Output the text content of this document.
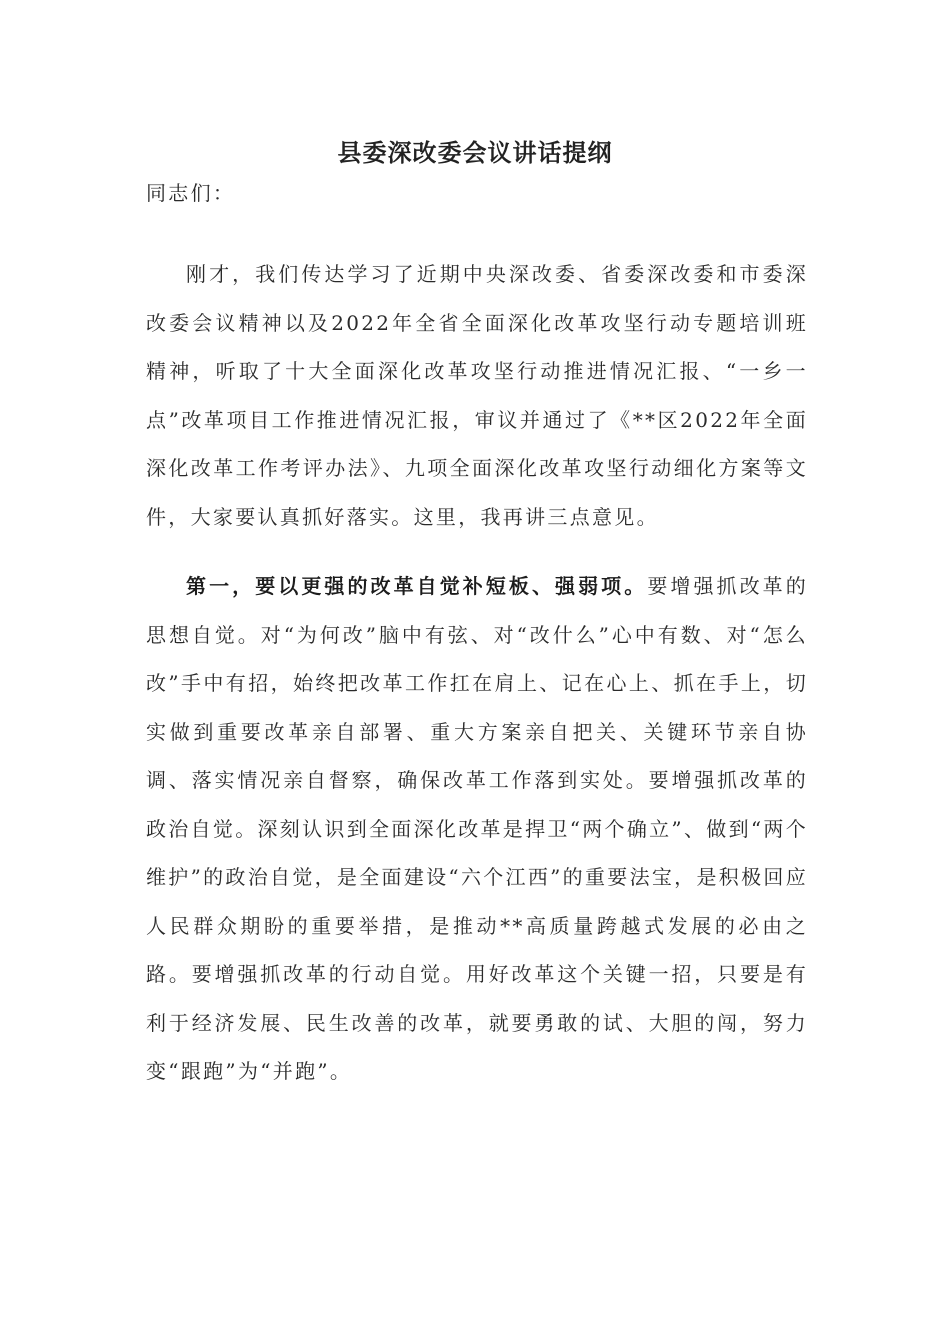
县委深改委会议讲话提纲

同志们：

刚才，我们传达学习了近期中央深改委、省委深改委和市委深改委会议精神以及2022年全省全面深化改革攻坚行动专题培训班精神，听取了十大全面深化改革攻坚行动推进情况汇报、“一乡一点”改革项目工作推进情况汇报，审议并通过了《**区2022年全面深化改革工作考评办法》、九项全面深化改革攻坚行动细化方案等文件，大家要认真抓好落实。这里，我再讲三点意见。

第一，要以更强的改革自觉补短板、强弱项。要增强抓改革的思想自觉。对“为何改”脑中有弦、对“改什么”心中有数、对“怎么改”手中有招，始终把改革工作扛在肩上、记在心上、抓在手上，切实做到重要改革亲自部署、重大方案亲自把关、关键环节亲自协调、落实情况亲自督察，确保改革工作落到实处。要增强抓改革的政治自觉。深刻认识到全面深化改革是捍卫“两个确立”、做到“两个维护”的政治自觉，是全面建设“六个江西”的重要法宝，是积极回应人民群众期盼的重要举措，是推动**高质量跨越式发展的必由之路。要增强抓改革的行动自觉。用好改革这个关键一招，只要是有利于经济发展、民生改善的改革，就要勇敢的试、大胆的闯，努力变“跟跑”为“并跑”。
